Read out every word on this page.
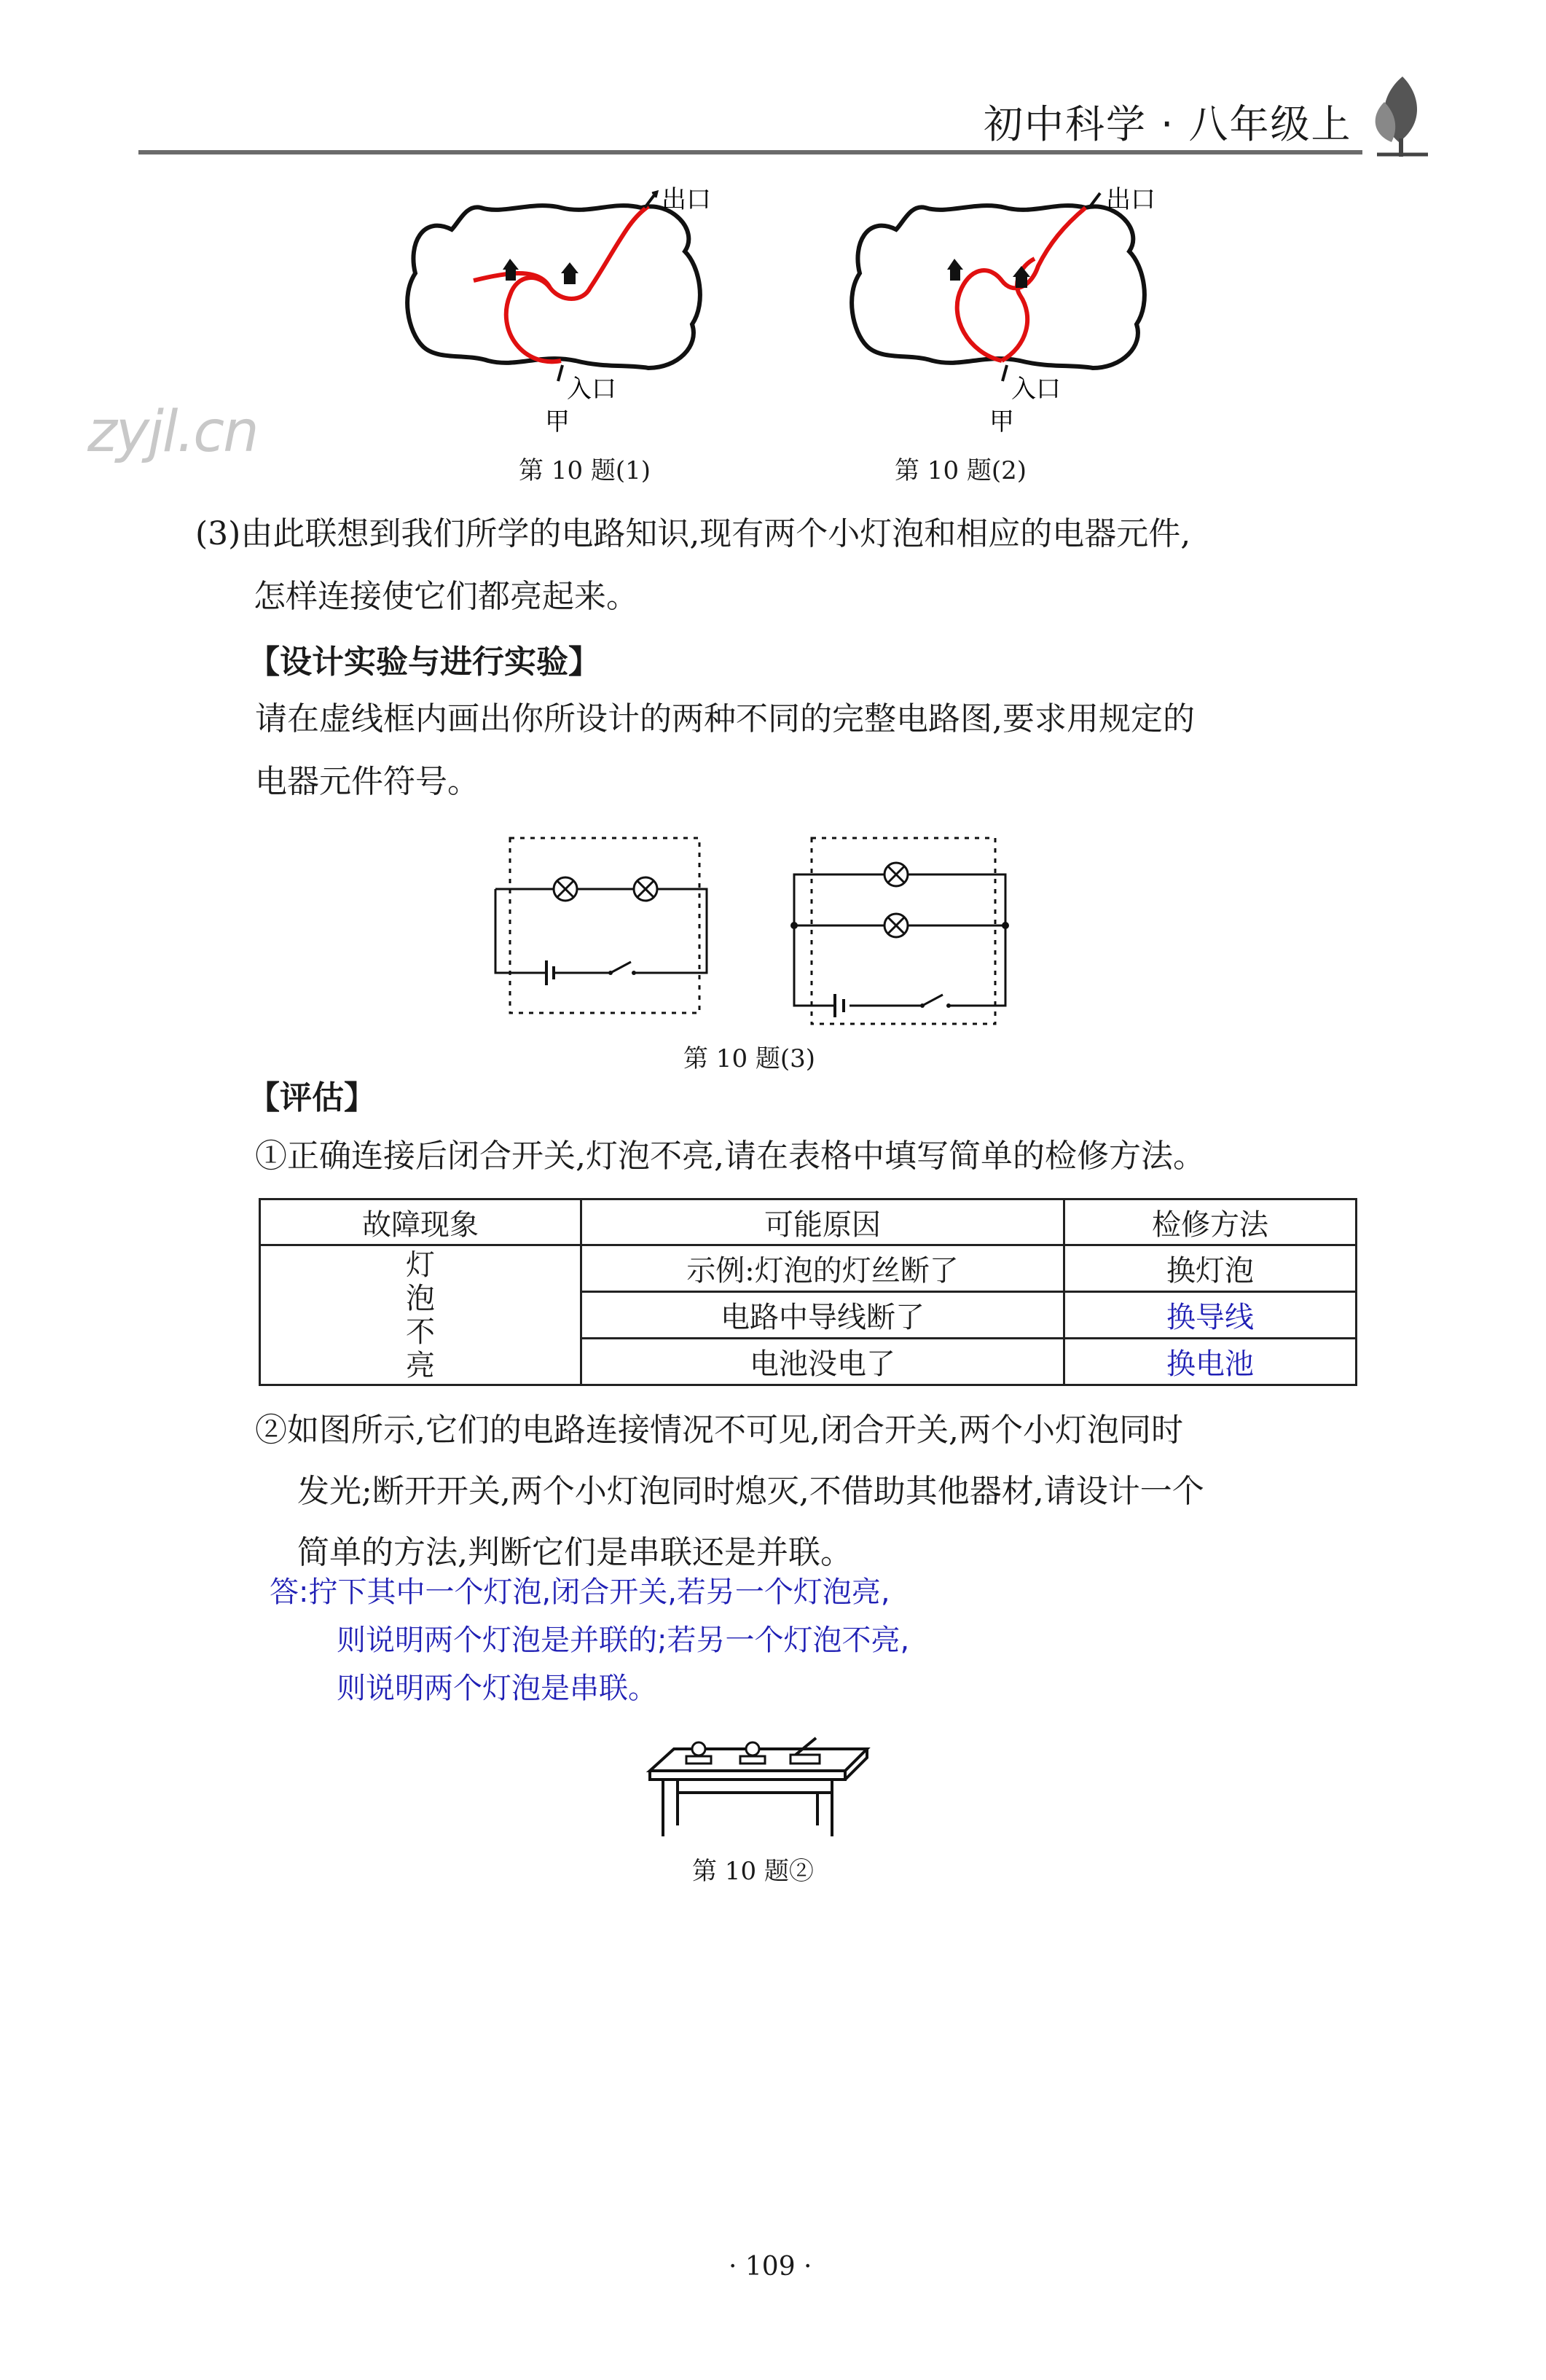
初中科学 · 八年级上
zyjl.cn
出口
入口
甲
出口
入口
甲
第 10 题(1)	第 10 题(2)
(3)由此联想到我们所学的电路知识,现有两个小灯泡和相应的电器元件,
怎样连接使它们都亮起来。
【设计实验与进行实验】
请在虚线框内画出你所设计的两种不同的完整电路图,要求用规定的
电器元件符号。
第 10 题(3)
【评估】
①正确连接后闭合开关,灯泡不亮,请在表格中填写简单的检修方法。
故障现象	可能原因	检修方法

灯
泡
不
亮	示例:灯泡的灯丝断了	换灯泡
	电路中导线断了	换导线
	电池没电了	换电池
②如图所示,它们的电路连接情况不可见,闭合开关,两个小灯泡同时
发光;断开开关,两个小灯泡同时熄灭,不借助其他器材,请设计一个
简单的方法,判断它们是串联还是并联。
答:拧下其中一个灯泡,闭合开关,若另一个灯泡亮,
则说明两个灯泡是并联的;若另一个灯泡不亮,
则说明两个灯泡是串联。
第 10 题②
· 109 ·
